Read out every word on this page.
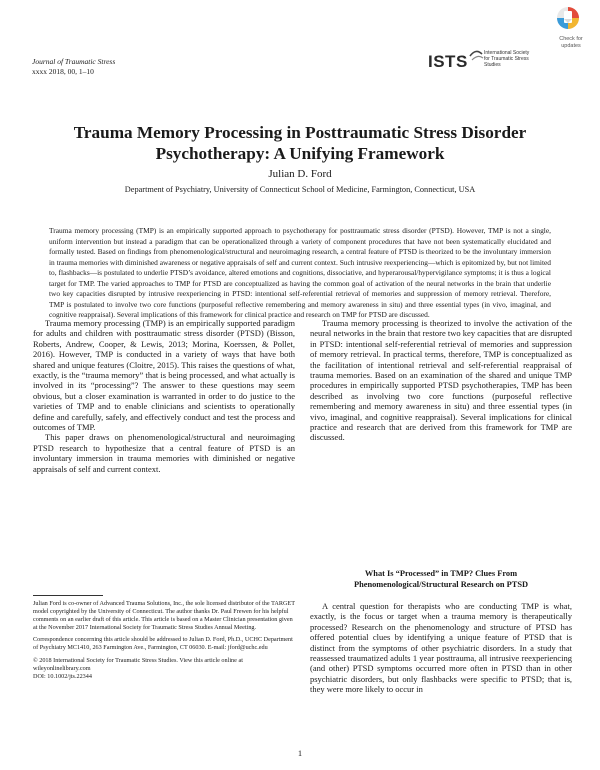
Journal of Traumatic Stress
xxxx 2018, 00, 1–10
ISTS	International Society
for Traumatic Stress Studies
Check for
updates
Trauma Memory Processing in Posttraumatic Stress Disorder
Psychotherapy: A Unifying Framework
Julian D. Ford
Department of Psychiatry, University of Connecticut School of Medicine, Farmington, Connecticut, USA

Trauma memory processing (TMP) is an empirically supported approach to psychotherapy for posttraumatic stress disorder (PTSD). However, TMP is not a single, uniform intervention but instead a paradigm that can be operationalized through a variety of component procedures that have not been systematically elucidated and formally tested. Based on findings from phenomenological/structural and neuroimaging research, a central feature of PTSD is theorized to be the involuntary immersion in trauma memories with diminished awareness or negative appraisals of self and current context. Such intrusive reexperiencing—which is epitomized by, but not limited to, flashbacks—is postulated to underlie PTSD’s avoidance, altered emotions and cognitions, dissociative, and hyperarousal/hypervigilance symptoms; it is thus a logical target for TMP. The varied approaches to TMP for PTSD are conceptualized as having the common goal of activation of the neural networks in the brain that underlie two key capacities disrupted by intrusive reexperiencing in PTSD: intentional self-referential retrieval of memories and suppression of memory retrieval. Therefore, TMP is postulated to involve two core functions (purposeful reflective remembering and memory awareness in situ) and three essential types (in vivo, imaginal, and cognitive reappraisal). Several implications of this framework for clinical practice and research on TMP for PTSD are discussed.

Trauma memory processing (TMP) is an empirically supported paradigm for adults and children with posttraumatic stress disorder (PTSD) (Bisson, Roberts, Andrew, Cooper, & Lewis, 2013; Morina, Koerssen, & Pollet, 2016). However, TMP is conducted in a variety of ways that have both shared and unique features (Cloitre, 2015). This raises the questions of what, exactly, is the “trauma memory” that is being processed, and what actually is involved in its “processing”? The answer to these questions may seem obvious, but a closer examination is warranted in order to do justice to the varieties of TMP and to enable clinicians and scientists to operationally define and carefully, safely, and effectively conduct and test the process and outcomes of TMP.

This paper draws on phenomenological/structural and neuroimaging PTSD research to hypothesize that a central feature of PTSD is an involuntary immersion in trauma memories with diminished or negative appraisals of self and current context.

Trauma memory processing is theorized to involve the activation of the neural networks in the brain that restore two key capacities that are disrupted in PTSD: intentional self-referential retrieval of memories and suppression of memory retrieval. In practical terms, therefore, TMP is conceptualized as the facilitation of intentional retrieval and self-referential reappraisal of trauma memories. Based on an examination of the shared and unique TMP procedures in empirically supported PTSD psychotherapies, TMP has been described as involving two core functions (purposeful reflective remembering and memory awareness in situ) and three essential types (in vivo, imaginal, and cognitive reappraisal). Several implications for clinical practice and research that are derived from this framework for TMP are discussed.

What Is “Processed” in TMP? Clues From
Phenomenological/Structural Research on PTSD

A central question for therapists who are conducting TMP is what, exactly, is the focus or target when a trauma memory is therapeutically processed? Research on the phenomenology and structure of PTSD has offered potential clues by identifying a unique feature of PTSD that is distinct from the symptoms of other psychiatric disorders. In a study that reassessed traumatized adults 1 year posttrauma, all intrusive reexperiencing (and other) PTSD symptoms occurred more often in PTSD than in other psychiatric disorders, but only flashbacks were specific to PTSD; that is, they were more likely to occur in

Julian Ford is co-owner of Advanced Trauma Solutions, Inc., the sole licensed distributor of the TARGET model copyrighted by the University of Connecticut. The author thanks Dr. Paul Frewen for his helpful comments on an earlier draft of this article. This article is based on a Master Clinician presentation given at the November 2017 International Society for Traumatic Stress Studies Annual Meeting.

Correspondence concerning this article should be addressed to Julian D. Ford, Ph.D., UCHC Department of Psychiatry MC1410, 263 Farmington Ave., Farmington, CT 06030. E-mail: jford@uchc.edu

© 2018 International Society for Traumatic Stress Studies. View this article online at wileyonlinelibrary.com

DOI: 10.1002/jts.22344

1
